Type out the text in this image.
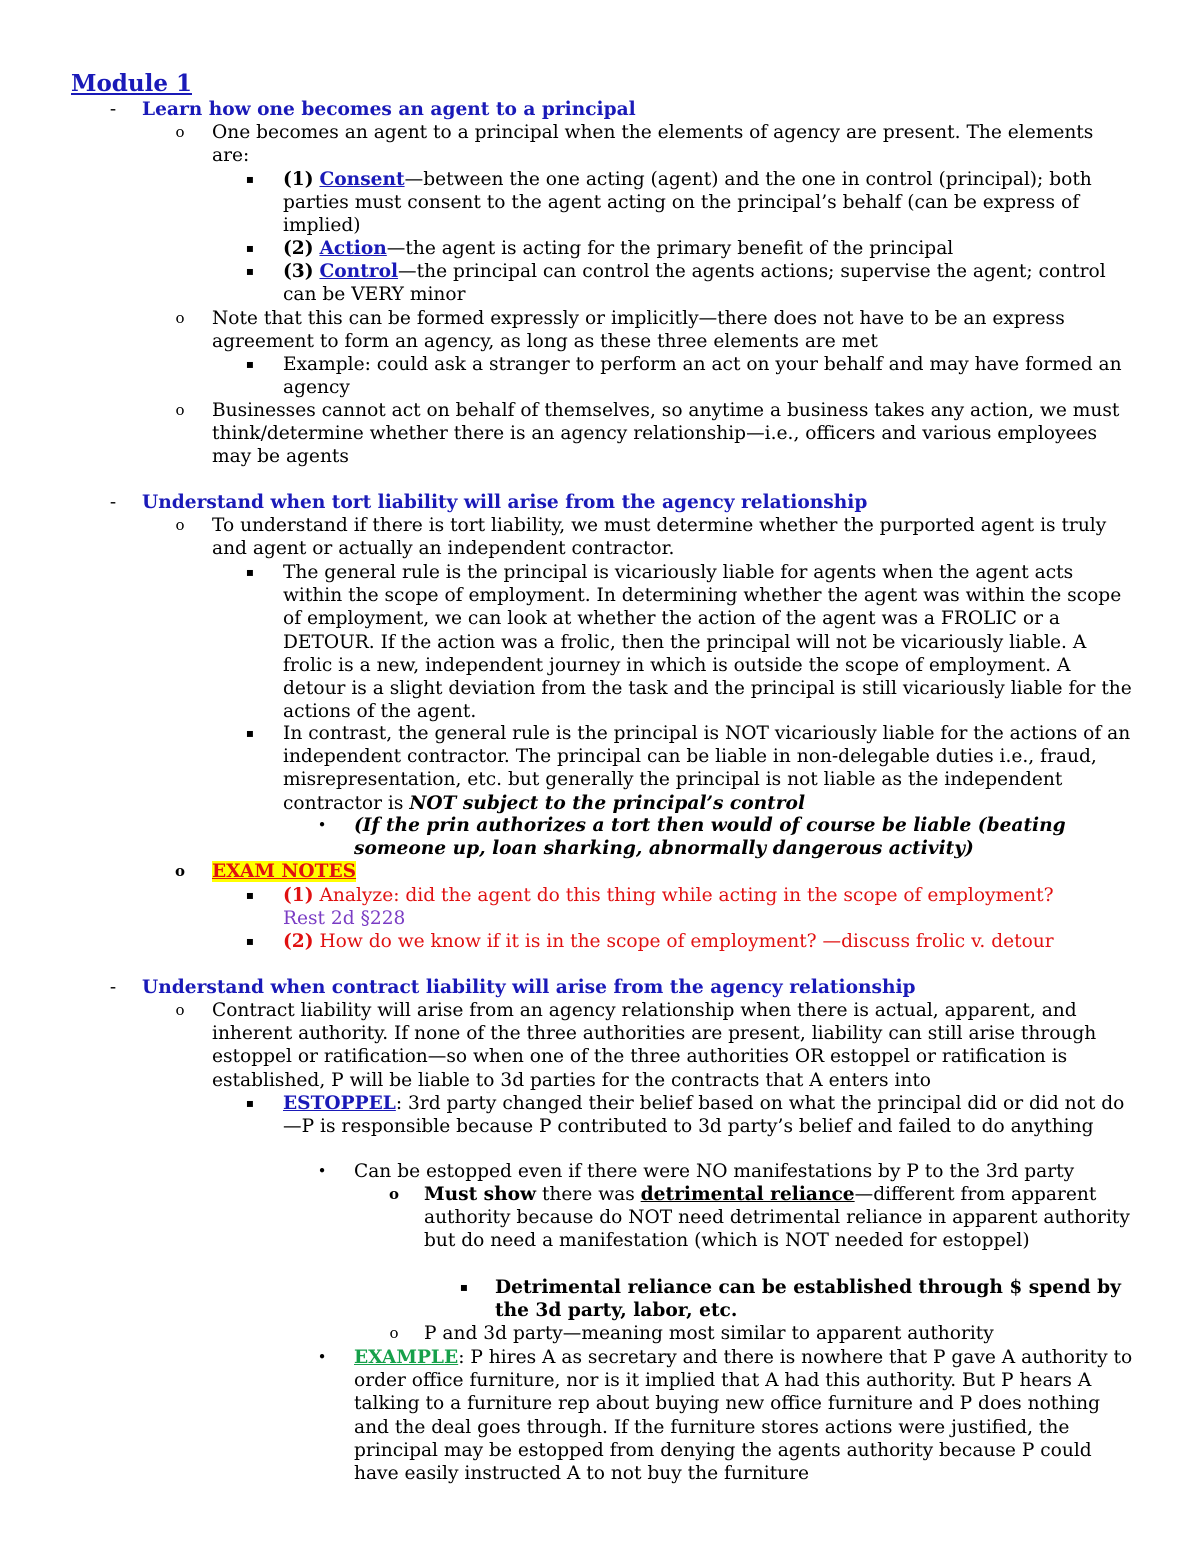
Module 1
-	Learn how one becomes an agent to a principal
o One becomes an agent to a principal when the elements of agency are present. The elements are:
▪	(1) Consent—between the one acting (agent) and the one in control (principal); both parties must consent to the agent acting on the principal’s behalf (can be express of implied)
▪	(2) Action—the agent is acting for the primary benefit of the principal
▪	(3) Control—the principal can control the agents actions; supervise the agent; control can be VERY minor
o Note that this can be formed expressly or implicitly—there does not have to be an express agreement to form an agency, as long as these three elements are met
▪	Example: could ask a stranger to perform an act on your behalf and may have formed an agency
o Businesses cannot act on behalf of themselves, so anytime a business takes any action, we must think/determine whether there is an agency relationship—i.e., officers and various employees may be agents
-	Understand when tort liability will arise from the agency relationship
o To understand if there is tort liability, we must determine whether the purported agent is truly and agent or actually an independent contractor.
▪	The general rule is the principal is vicariously liable for agents when the agent acts within the scope of employment. In determining whether the agent was within the scope of employment, we can look at whether the action of the agent was a FROLIC or a DETOUR. If the action was a frolic, then the principal will not be vicariously liable. A frolic is a new, independent journey in which is outside the scope of employment. A detour is a slight deviation from the task and the principal is still vicariously liable for the actions of the agent.
▪	In contrast, the general rule is the principal is NOT vicariously liable for the actions of an independent contractor. The principal can be liable in non-delegable duties i.e., fraud, misrepresentation, etc. but generally the principal is not liable as the independent contractor is NOT subject to the principal’s control
• (If the prin authorizes a tort then would of course be liable (beating someone up, loan sharking, abnormally dangerous activity)
o EXAM NOTES
▪	(1) Analyze: did the agent do this thing while acting in the scope of employment?
Rest 2d §228
▪	(2) How do we know if it is in the scope of employment? —discuss frolic v. detour
-	Understand when contract liability will arise from the agency relationship
o Contract liability will arise from an agency relationship when there is actual, apparent, and inherent authority. If none of the three authorities are present, liability can still arise through estoppel or ratification—so when one of the three authorities OR estoppel or ratification is established, P will be liable to 3d parties for the contracts that A enters into
▪	ESTOPPEL: 3rd party changed their belief based on what the principal did or did not do—P is responsible because P contributed to 3d party’s belief and failed to do anything
• Can be estopped even if there were NO manifestations by P to the 3rd party
o Must show there was detrimental reliance—different from apparent authority because do NOT need detrimental reliance in apparent authority but do need a manifestation (which is NOT needed for estoppel)
▪	Detrimental reliance can be established through $ spend by the 3d party, labor, etc.
o P and 3d party—meaning most similar to apparent authority
• EXAMPLE: P hires A as secretary and there is nowhere that P gave A authority to order office furniture, nor is it implied that A had this authority. But P hears A talking to a furniture rep about buying new office furniture and P does nothing and the deal goes through. If the furniture stores actions were justified, the principal may be estopped from denying the agents authority because P could have easily instructed A to not buy the furniture
